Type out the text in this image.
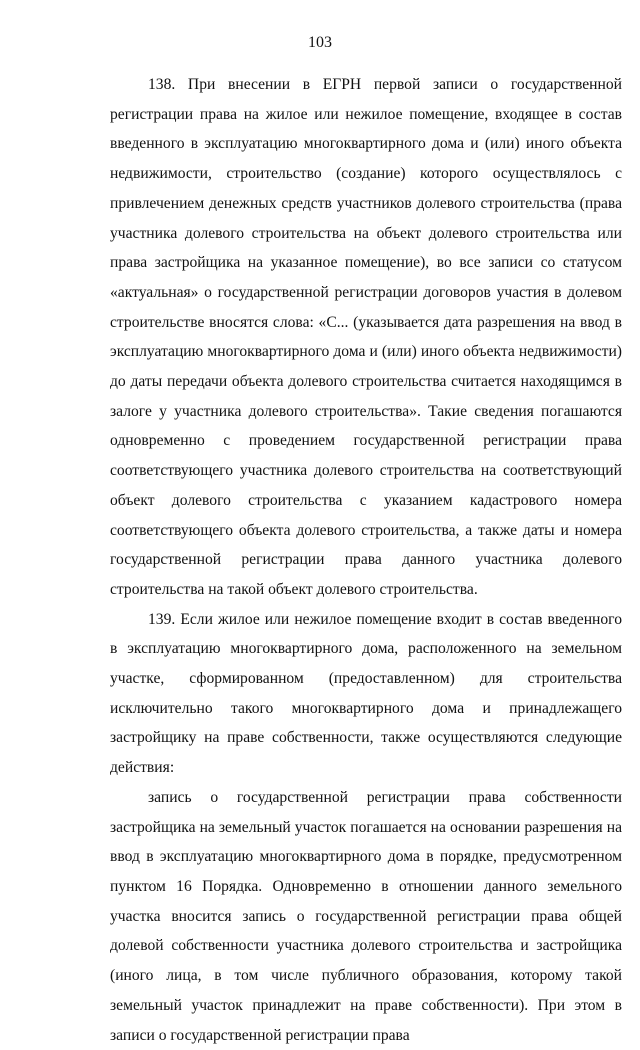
103

138. При внесении в ЕГРН первой записи о государственной регистрации права на жилое или нежилое помещение, входящее в состав введенного в эксплуатацию многоквартирного дома и (или) иного объекта недвижимости, строительство (создание) которого осуществлялось с привлечением денежных средств участников долевого строительства (права участника долевого строительства на объект долевого строительства или права застройщика на указанное помещение), во все записи со статусом «актуальная» о государственной регистрации договоров участия в долевом строительстве вносятся слова: «С... (указывается дата разрешения на ввод в эксплуатацию многоквартирного дома и (или) иного объекта недвижимости) до даты передачи объекта долевого строительства считается находящимся в залоге у участника долевого строительства». Такие сведения погашаются одновременно с проведением государственной регистрации права соответствующего участника долевого строительства на соответствующий объект долевого строительства с указанием кадастрового номера соответствующего объекта долевого строительства, а также даты и номера государственной регистрации права данного участника долевого строительства на такой объект долевого строительства.

139. Если жилое или нежилое помещение входит в состав введенного в эксплуатацию многоквартирного дома, расположенного на земельном участке, сформированном (предоставленном) для строительства исключительно такого многоквартирного дома и принадлежащего застройщику на праве собственности, также осуществляются следующие действия:

запись о государственной регистрации права собственности застройщика на земельный участок погашается на основании разрешения на ввод в эксплуатацию многоквартирного дома в порядке, предусмотренном пунктом 16 Порядка. Одновременно в отношении данного земельного участка вносится запись о государственной регистрации права общей долевой собственности участника долевого строительства и застройщика (иного лица, в том числе публичного образования, которому такой земельный участок принадлежит на праве собственности). При этом в записи о государственной регистрации права
